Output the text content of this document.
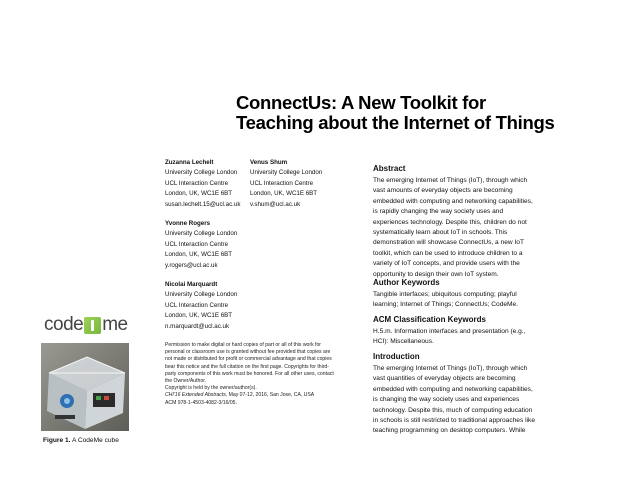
ConnectUs: A New Toolkit for
Teaching about the Internet of Things
Zuzanna Lechelt
University College London
UCL Interaction Centre
London, UK, WC1E 6BT
susan.lechelt.15@ucl.ac.uk
Yvonne Rogers
University College London
UCL Interaction Centre
London, UK, WC1E 6BT
y.rogers@ucl.ac.uk
Nicolai Marquardt
University College London
UCL Interaction Centre
London, UK, WC1E 6BT
n.marquardt@ucl.ac.uk
Venus Shum
University College London
UCL Interaction Centre
London, UK, WC1E 6BT
v.shum@ucl.ac.uk
code me
Figure 1. A CodeMe cube
Permission to make digital or hard copies of part or all of this work for
personal or classroom use is granted without fee provided that copies are
not made or distributed for profit or commercial advantage and that copies
bear this notice and the full citation on the first page. Copyrights for third-
party components of this work must be honored. For all other uses, contact
the Owner/Author.
Copyright is held by the owner/author(s).
CHI'16 Extended Abstracts, May 07-12, 2016, San Jose, CA, USA
ACM 978-1-4503-4082-3/16/05.
Abstract
The emerging Internet of Things (IoT), through which
vast amounts of everyday objects are becoming
embedded with computing and networking capabilities,
is rapidly changing the way society uses and
experiences technology. Despite this, children do not
systematically learn about IoT in schools. This
demonstration will showcase ConnectUs, a new IoT
toolkit, which can be used to introduce children to a
variety of IoT concepts, and provide users with the
opportunity to design their own IoT system.
Author Keywords
Tangible interfaces; ubiquitous computing; playful
learning; Internet of Things; ConnectUs; CodeMe.
ACM Classification Keywords
H.5.m. Information interfaces and presentation (e.g.,
HCI): Miscellaneous.
Introduction
The emerging Internet of Things (IoT), through which
vast quantities of everyday objects are becoming
embedded with computing and networking capabilities,
is changing the way society uses and experiences
technology. Despite this, much of computing education
in schools is still restricted to traditional approaches like
teaching programming on desktop computers. While
